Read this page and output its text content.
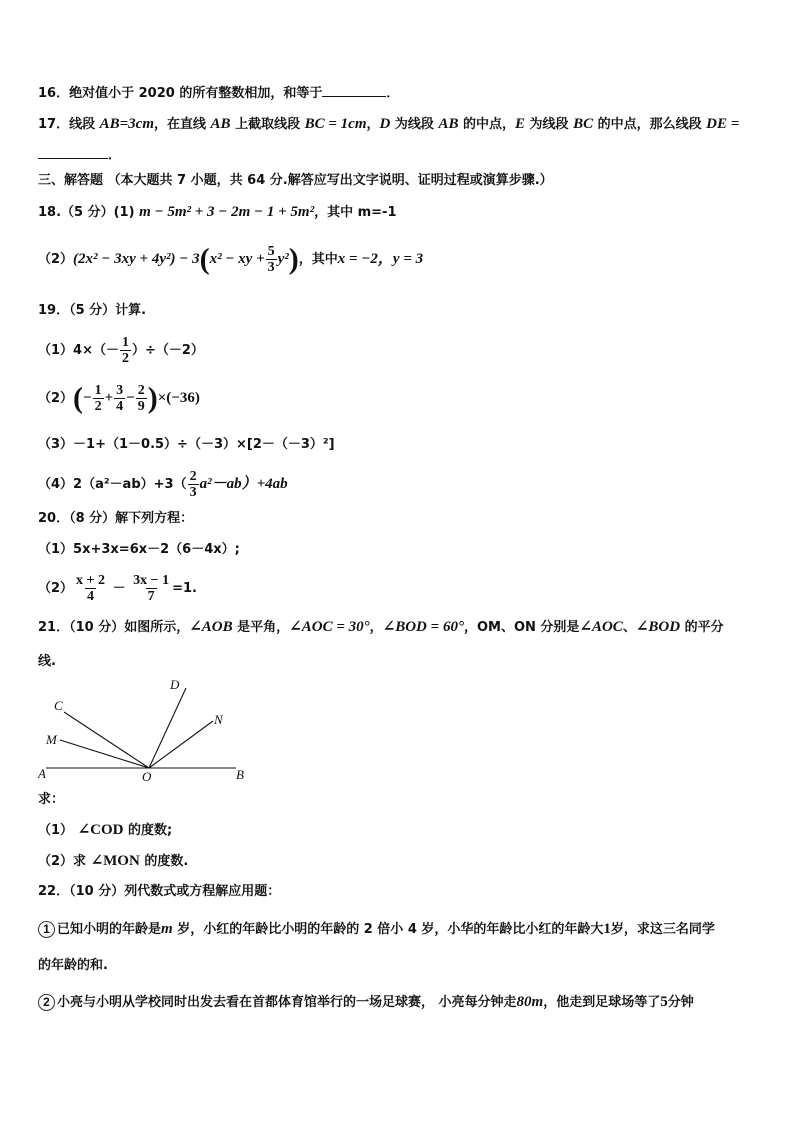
16．绝对值小于 2020 的所有整数相加，和等于	．
17．线段 AB=3cm，在直线 AB 上截取线段 BC = 1cm，D 为线段 AB 的中点，E 为线段 BC 的中点，那么线段 DE =
．
三、解答题 （本大题共 7 小题，共 64 分.解答应写出文字说明、证明过程或演算步骤.）
18.（5 分）(1) m − 5m² + 3 − 2m − 1 + 5m²，其中 m=-1
（2）(2x² − 3xy + 4y²) − 3(x² − xy + $\frac{5}{3} y^2$)，其中x = −2，y = 3
19．（5 分）计算.
$(1)4\times(- \frac{1}{2} )\div(-2)$
$(2)(- \frac{1}{2} + \frac{3}{4} - \frac{2}{9} )\times(-36)$
（3）－1+（1－0.5）÷（－3）×[2－（－3）²]
$(4)2(a^2-ab)+3( \frac{2}{3} a^2-ab)+4ab$
20．（8 分）解下列方程：
（1）5x+3x=6x－2（6－4x）;
$(2) \frac{x + 2}{4} - \frac{3x - 1}{7} =1$.
21．（10 分）如图所示，∠AOB 是平角，∠AOC = 30°，∠BOD = 60°，OM、ON 分别是∠AOC、∠BOD 的平分
线.
A	O	B
C
M
D
N
求：
（1） ∠COD 的度数;
（2）求 ∠MON 的度数.
22．（10 分）列代数式或方程解应用题：
1 已知小明的年龄是m 岁，小红的年龄比小明的年龄的 2 倍小 4 岁，小华的年龄比小红的年龄大1岁，求这三名同学
的年龄的和.
2 小亮与小明从学校同时出发去看在首都体育馆举行的一场足球赛， 小亮每分钟走80m，他走到足球场等了5分钟
